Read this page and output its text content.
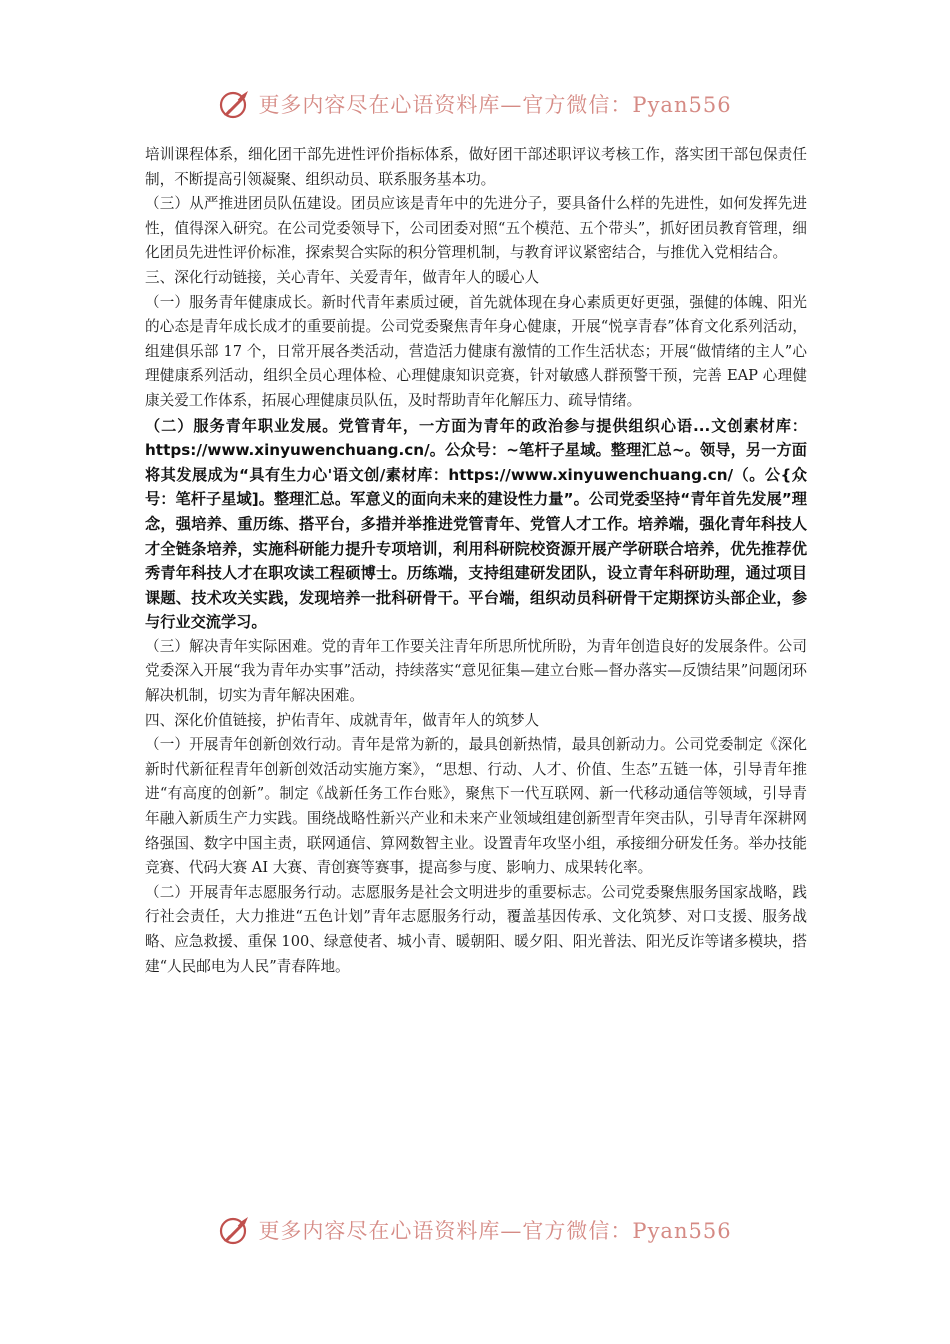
更多内容尽在心语资料库—官方微信：Pyan556

培训课程体系，细化团干部先进性评价指标体系，做好团干部述职评议考核工作，落实团干部包保责任制，不断提高引领凝聚、组织动员、联系服务基本功。

（三）从严推进团员队伍建设。团员应该是青年中的先进分子，要具备什么样的先进性，如何发挥先进性，值得深入研究。在公司党委领导下，公司团委对照“五个模范、五个带头”，抓好团员教育管理，细化团员先进性评价标准，探索契合实际的积分管理机制，与教育评议紧密结合，与推优入党相结合。

三、深化行动链接，关心青年、关爱青年，做青年人的暖心人

（一）服务青年健康成长。新时代青年素质过硬，首先就体现在身心素质更好更强，强健的体魄、阳光的心态是青年成长成才的重要前提。公司党委聚焦青年身心健康，开展“悦享青春”体育文化系列活动，组建俱乐部 17 个，日常开展各类活动，营造活力健康有激情的工作生活状态；开展“做情绪的主人”心理健康系列活动，组织全员心理体检、心理健康知识竞赛，针对敏感人群预警干预，完善 EAP 心理健康关爱工作体系，拓展心理健康员队伍，及时帮助青年化解压力、疏导情绪。

（二）服务青年职业发展。党管青年，一方面为青年的政治参与提供组织心语...文创素材库：https://www.xinyuwenchuang.cn/。公众号：~笔杆子星域。整理汇总~。领导，另一方面将其发展成为“具有生力心'语文创/素材库：https://www.xinyuwenchuang.cn/（。公{众号：笔杆子星域]。整理汇总。军意义的面向未来的建设性力量”。公司党委坚持“青年首先发展”理念，强培养、重历练、搭平台，多措并举推进党管青年、党管人才工作。培养端，强化青年科技人才全链条培养，实施科研能力提升专项培训，利用科研院校资源开展产学研联合培养，优先推荐优秀青年科技人才在职攻读工程硕博士。历练端，支持组建研发团队，设立青年科研助理，通过项目课题、技术攻关实践，发现培养一批科研骨干。平台端，组织动员科研骨干定期探访头部企业，参与行业交流学习。

（三）解决青年实际困难。党的青年工作要关注青年所思所忧所盼，为青年创造良好的发展条件。公司党委深入开展“我为青年办实事”活动，持续落实“意见征集—建立台账—督办落实—反馈结果”问题闭环解决机制，切实为青年解决困难。

四、深化价值链接，护佑青年、成就青年，做青年人的筑梦人

（一）开展青年创新创效行动。青年是常为新的，最具创新热情，最具创新动力。公司党委制定《深化新时代新征程青年创新创效活动实施方案》，“思想、行动、人才、价值、生态”五链一体，引导青年推进“有高度的创新”。制定《战新任务工作台账》，聚焦下一代互联网、新一代移动通信等领域，引导青年融入新质生产力实践。围绕战略性新兴产业和未来产业领域组建创新型青年突击队，引导青年深耕网络强国、数字中国主责，联网通信、算网数智主业。设置青年攻坚小组，承接细分研发任务。举办技能竞赛、代码大赛 AI 大赛、青创赛等赛事，提高参与度、影响力、成果转化率。

（二）开展青年志愿服务行动。志愿服务是社会文明进步的重要标志。公司党委聚焦服务国家战略，践行社会责任，大力推进“五色计划”青年志愿服务行动，覆盖基因传承、文化筑梦、对口支援、服务战略、应急救援、重保 100、绿意使者、城小青、暖朝阳、暖夕阳、阳光普法、阳光反诈等诸多模块，搭建“人民邮电为人民”青春阵地。

更多内容尽在心语资料库—官方微信：Pyan556
